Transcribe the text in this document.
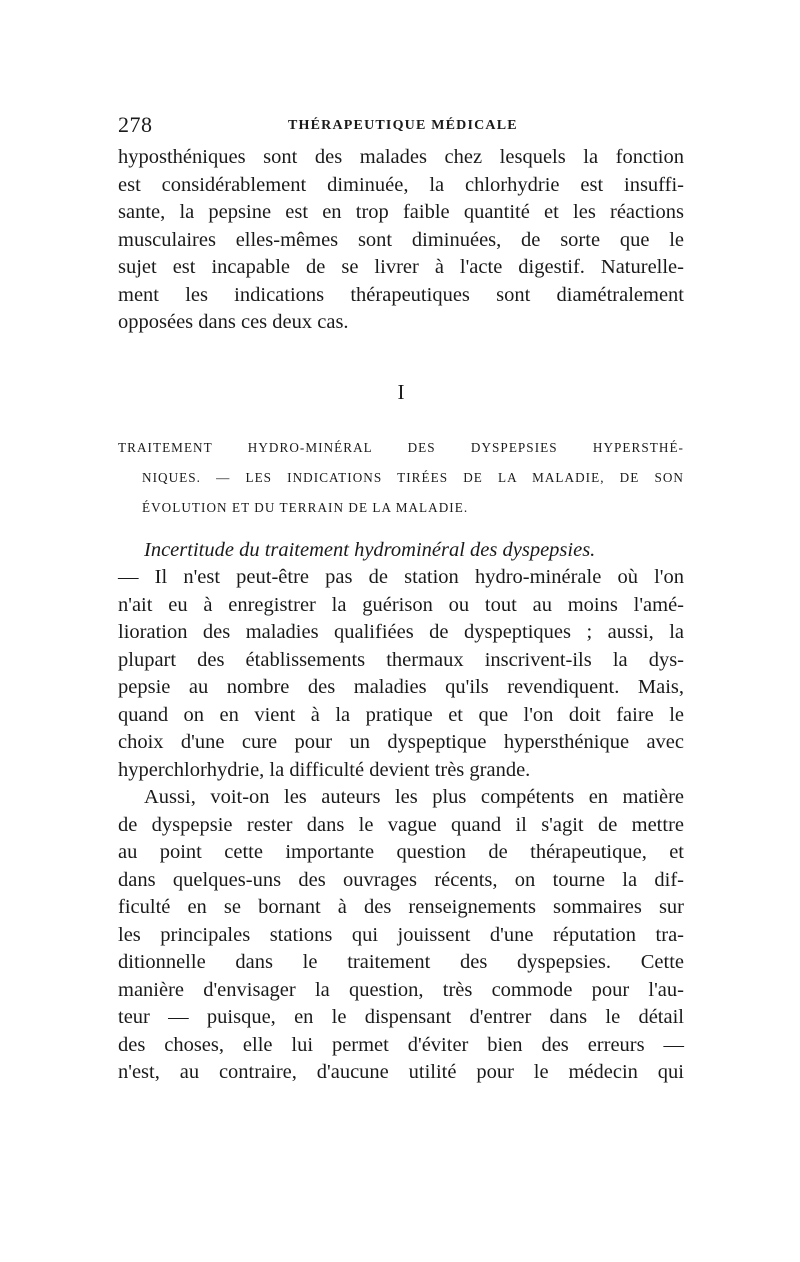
278	THÉRAPEUTIQUE MÉDICALE

hyposthéniques sont des malades chez lesquels la fonction
est considérablement diminuée, la chlorhydrie est insuffi-
sante, la pepsine est en trop faible quantité et les réactions
musculaires elles-mêmes sont diminuées, de sorte que le
sujet est incapable de se livrer à l'acte digestif. Naturelle-
ment les indications thérapeutiques sont diamétralement
opposées dans ces deux cas.

I
TRAITEMENT HYDRO-MINÉRAL DES DYSPEPSIES HYPERSTHÉ-
NIQUES. — LES INDICATIONS TIRÉES DE LA MALADIE, DE SON
ÉVOLUTION ET DU TERRAIN DE LA MALADIE.

Incertitude du traitement hydrominéral des dyspepsies.
— Il n'est peut-être pas de station hydro-minérale où l'on
n'ait eu à enregistrer la guérison ou tout au moins l'amé-
lioration des maladies qualifiées de dyspeptiques ; aussi, la
plupart des établissements thermaux inscrivent-ils la dys-
pepsie au nombre des maladies qu'ils revendiquent. Mais,
quand on en vient à la pratique et que l'on doit faire le
choix d'une cure pour un dyspeptique hypersthénique avec
hyperchlorhydrie, la difficulté devient très grande.

Aussi, voit-on les auteurs les plus compétents en matière
de dyspepsie rester dans le vague quand il s'agit de mettre
au point cette importante question de thérapeutique, et
dans quelques-uns des ouvrages récents, on tourne la dif-
ficulté en se bornant à des renseignements sommaires sur
les principales stations qui jouissent d'une réputation tra-
ditionnelle dans le traitement des dyspepsies. Cette
manière d'envisager la question, très commode pour l'au-
teur — puisque, en le dispensant d'entrer dans le détail
des choses, elle lui permet d'éviter bien des erreurs —
n'est, au contraire, d'aucune utilité pour le médecin qui
